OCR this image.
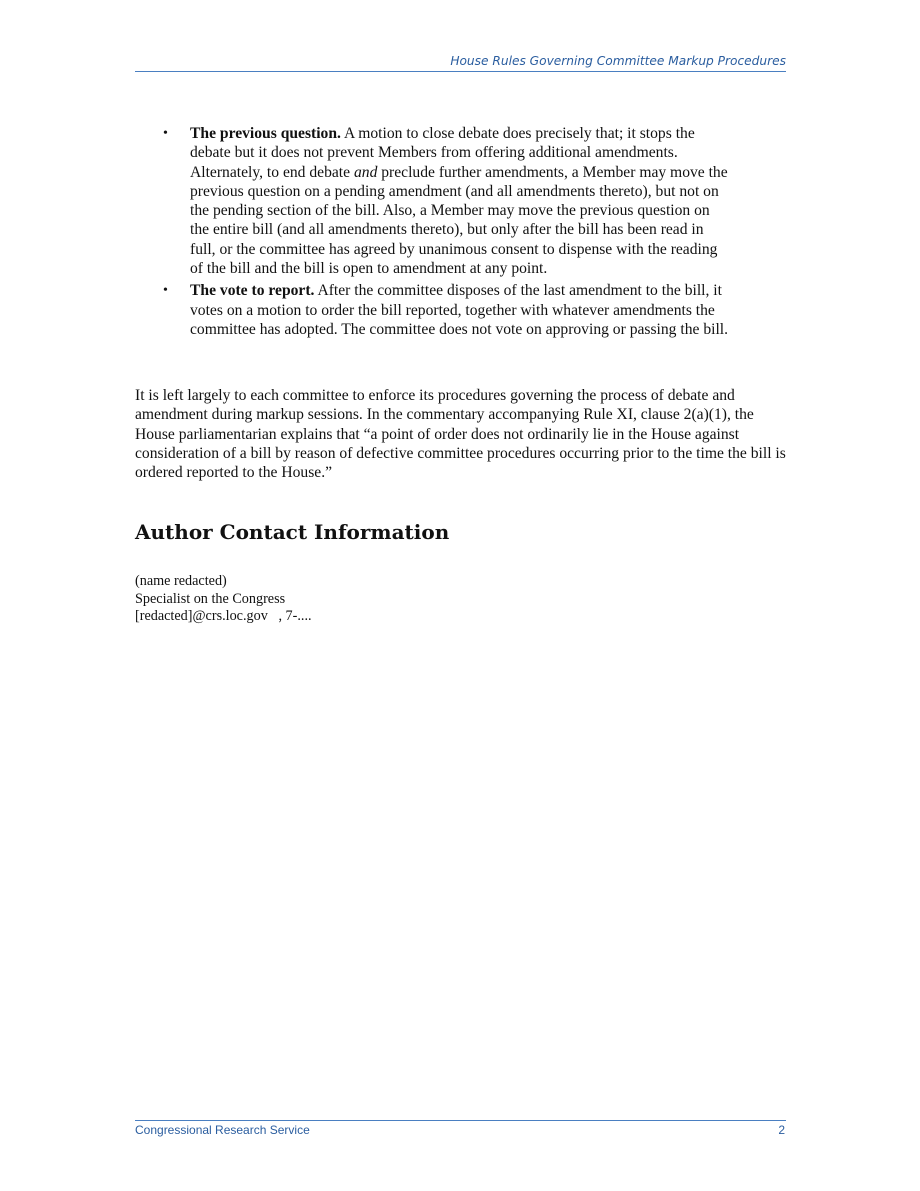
House Rules Governing Committee Markup Procedures
• The previous question. A motion to close debate does precisely that; it stops the debate but it does not prevent Members from offering additional amendments. Alternately, to end debate and preclude further amendments, a Member may move the previous question on a pending amendment (and all amendments thereto), but not on the pending section of the bill. Also, a Member may move the previous question on the entire bill (and all amendments thereto), but only after the bill has been read in full, or the committee has agreed by unanimous consent to dispense with the reading of the bill and the bill is open to amendment at any point.
• The vote to report. After the committee disposes of the last amendment to the bill, it votes on a motion to order the bill reported, together with whatever amendments the committee has adopted. The committee does not vote on approving or passing the bill.

It is left largely to each committee to enforce its procedures governing the process of debate and amendment during markup sessions. In the commentary accompanying Rule XI, clause 2(a)(1), the House parliamentarian explains that “a point of order does not ordinarily lie in the House against consideration of a bill by reason of defective committee procedures occurring prior to the time the bill is ordered reported to the House.”

Author Contact Information
(name redacted)
Specialist on the Congress
[redacted]@crs.loc.gov   , 7-....
Congressional Research Service	2
